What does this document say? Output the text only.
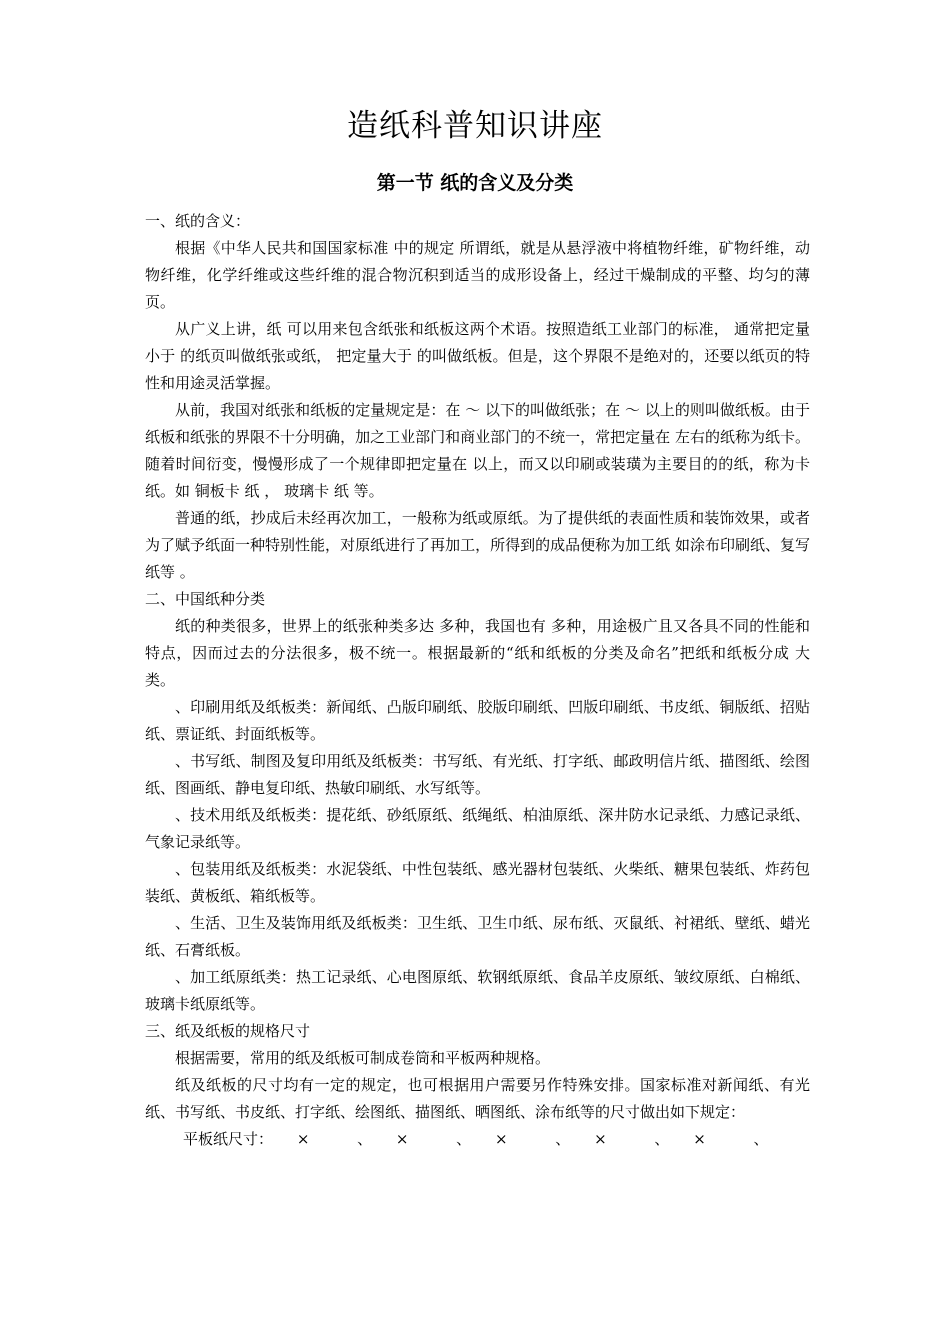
造纸科普知识讲座
第一节 纸的含义及分类

一、纸的含义：

根据《中华人民共和国国家标准 中的规定 所谓纸，就是从悬浮液中将植物纤维，矿物纤维，动物纤维，化学纤维或这些纤维的混合物沉积到适当的成形设备上，经过干燥制成的平整、均匀的薄页。

从广义上讲，纸 可以用来包含纸张和纸板这两个术语。按照造纸工业部门的标准， 通常把定量小于 的纸页叫做纸张或纸， 把定量大于 的叫做纸板。但是，这个界限不是绝对的，还要以纸页的特性和用途灵活掌握。

从前，我国对纸张和纸板的定量规定是：在 ～ 以下的叫做纸张；在 ～ 以上的则叫做纸板。由于纸板和纸张的界限不十分明确，加之工业部门和商业部门的不统一，常把定量在 左右的纸称为纸卡。随着时间衍变，慢慢形成了一个规律即把定量在 以上，而又以印刷或装璜为主要目的的纸，称为卡纸。如 铜板卡 纸 ， 玻璃卡 纸 等。

普通的纸，抄成后未经再次加工，一般称为纸或原纸。为了提供纸的表面性质和装饰效果，或者为了赋予纸面一种特别性能，对原纸进行了再加工，所得到的成品便称为加工纸 如涂布印刷纸、复写纸等 。

二、中国纸种分类

纸的种类很多，世界上的纸张种类多达 多种，我国也有 多种，用途极广且又各具不同的性能和特点，因而过去的分法很多，极不统一。根据最新的“纸和纸板的分类及命名”把纸和纸板分成 大类。

、印刷用纸及纸板类：新闻纸、凸版印刷纸、胶版印刷纸、凹版印刷纸、书皮纸、铜版纸、招贴纸、票证纸、封面纸板等。

、书写纸、制图及复印用纸及纸板类：书写纸、有光纸、打字纸、邮政明信片纸、描图纸、绘图纸、图画纸、静电复印纸、热敏印刷纸、水写纸等。

、技术用纸及纸板类：提花纸、砂纸原纸、纸绳纸、柏油原纸、深井防水记录纸、力感记录纸、气象记录纸等。

、包装用纸及纸板类：水泥袋纸、中性包装纸、感光器材包装纸、火柴纸、糖果包装纸、炸药包装纸、黄板纸、箱纸板等。

、生活、卫生及装饰用纸及纸板类：卫生纸、卫生巾纸、尿布纸、灭鼠纸、衬裙纸、壁纸、蜡光纸、石膏纸板。

、加工纸原纸类：热工记录纸、心电图原纸、软钢纸原纸、食品羊皮原纸、皱纹原纸、白棉纸、玻璃卡纸原纸等。

三、纸及纸板的规格尺寸

根据需要，常用的纸及纸板可制成卷筒和平板两种规格。

纸及纸板的尺寸均有一定的规定，也可根据用户需要另作特殊安排。国家标准对新闻纸、有光纸、书写纸、书皮纸、打字纸、绘图纸、描图纸、晒图纸、涂布纸等的尺寸做出如下规定：

平板纸尺寸：     ×          、     ×          、     ×          、     ×          、     ×          、
